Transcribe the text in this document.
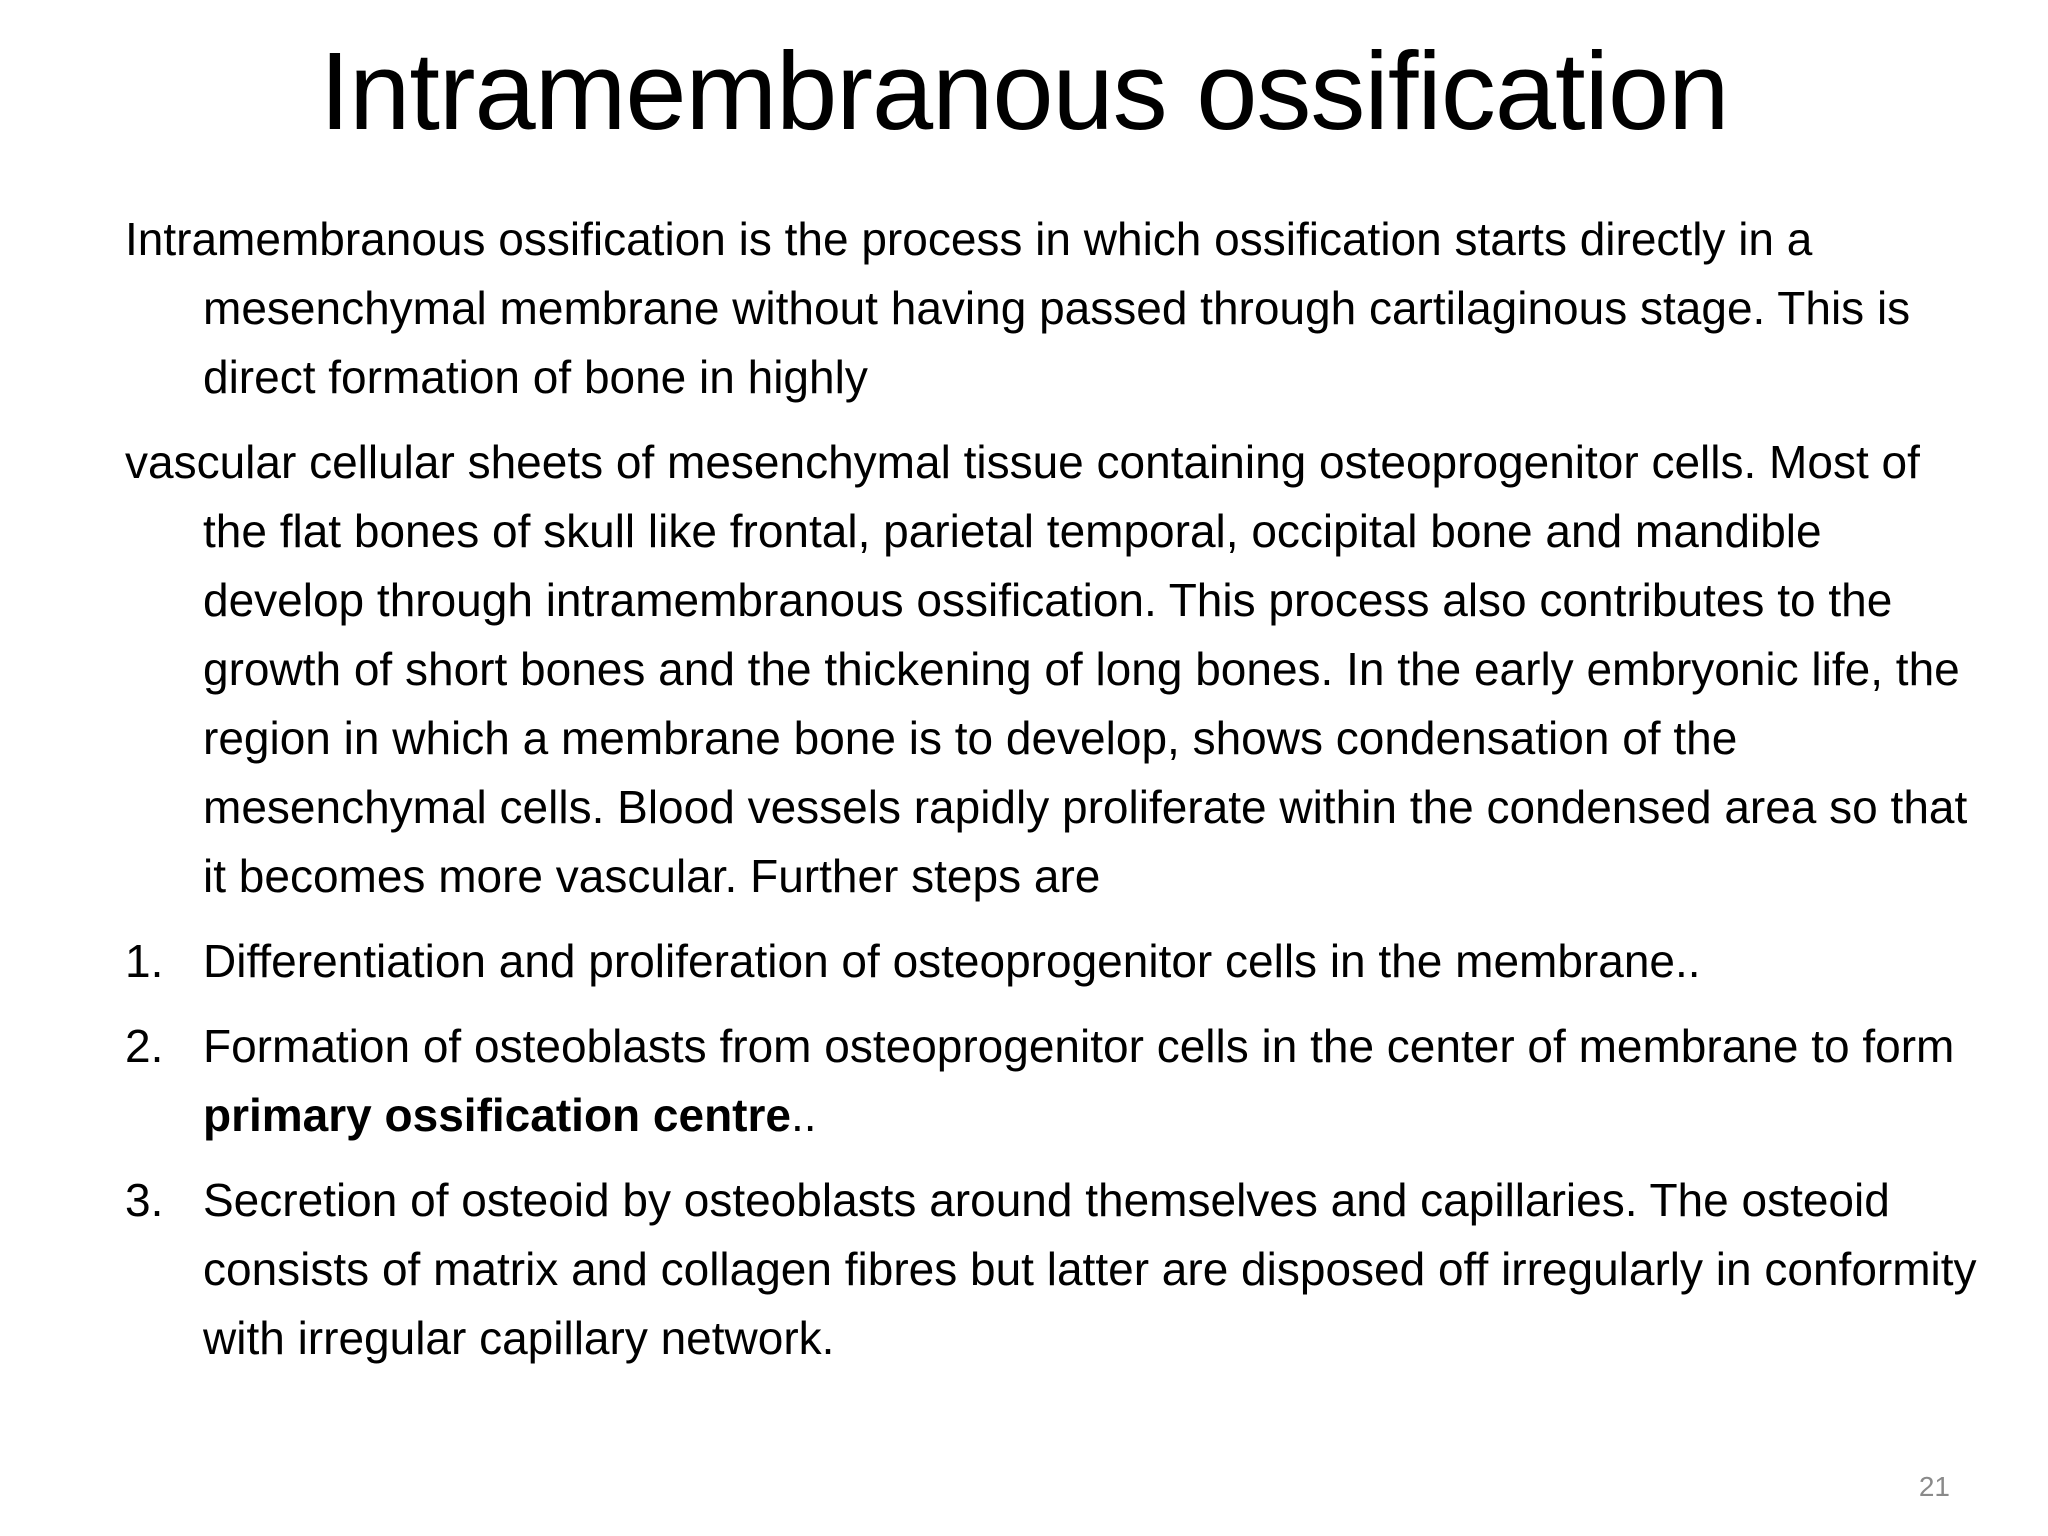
Intramembranous ossification

Intramembranous ossification is the process in which ossification starts directly in a mesenchymal membrane without having passed through cartilaginous stage. This is direct formation of bone in highly

vascular cellular sheets of mesenchymal tissue containing osteoprogenitor cells. Most of the flat bones of skull like frontal, parietal temporal, occipital bone and mandible develop through intramembranous ossification. This process also contributes to the growth of short bones and the thickening of long bones. In the early embryonic life, the region in which a membrane bone is to develop, shows condensation of the mesenchymal cells. Blood vessels rapidly proliferate within the condensed area so that it becomes more vascular. Further steps are

1. Differentiation and proliferation of osteoprogenitor cells in the membrane..
2. Formation of osteoblasts from osteoprogenitor cells in the center of membrane to form primary ossification centre..
3. Secretion of osteoid by osteoblasts around themselves and capillaries. The osteoid consists of matrix and collagen fibres but latter are disposed off irregularly in conformity with irregular capillary network.
21
